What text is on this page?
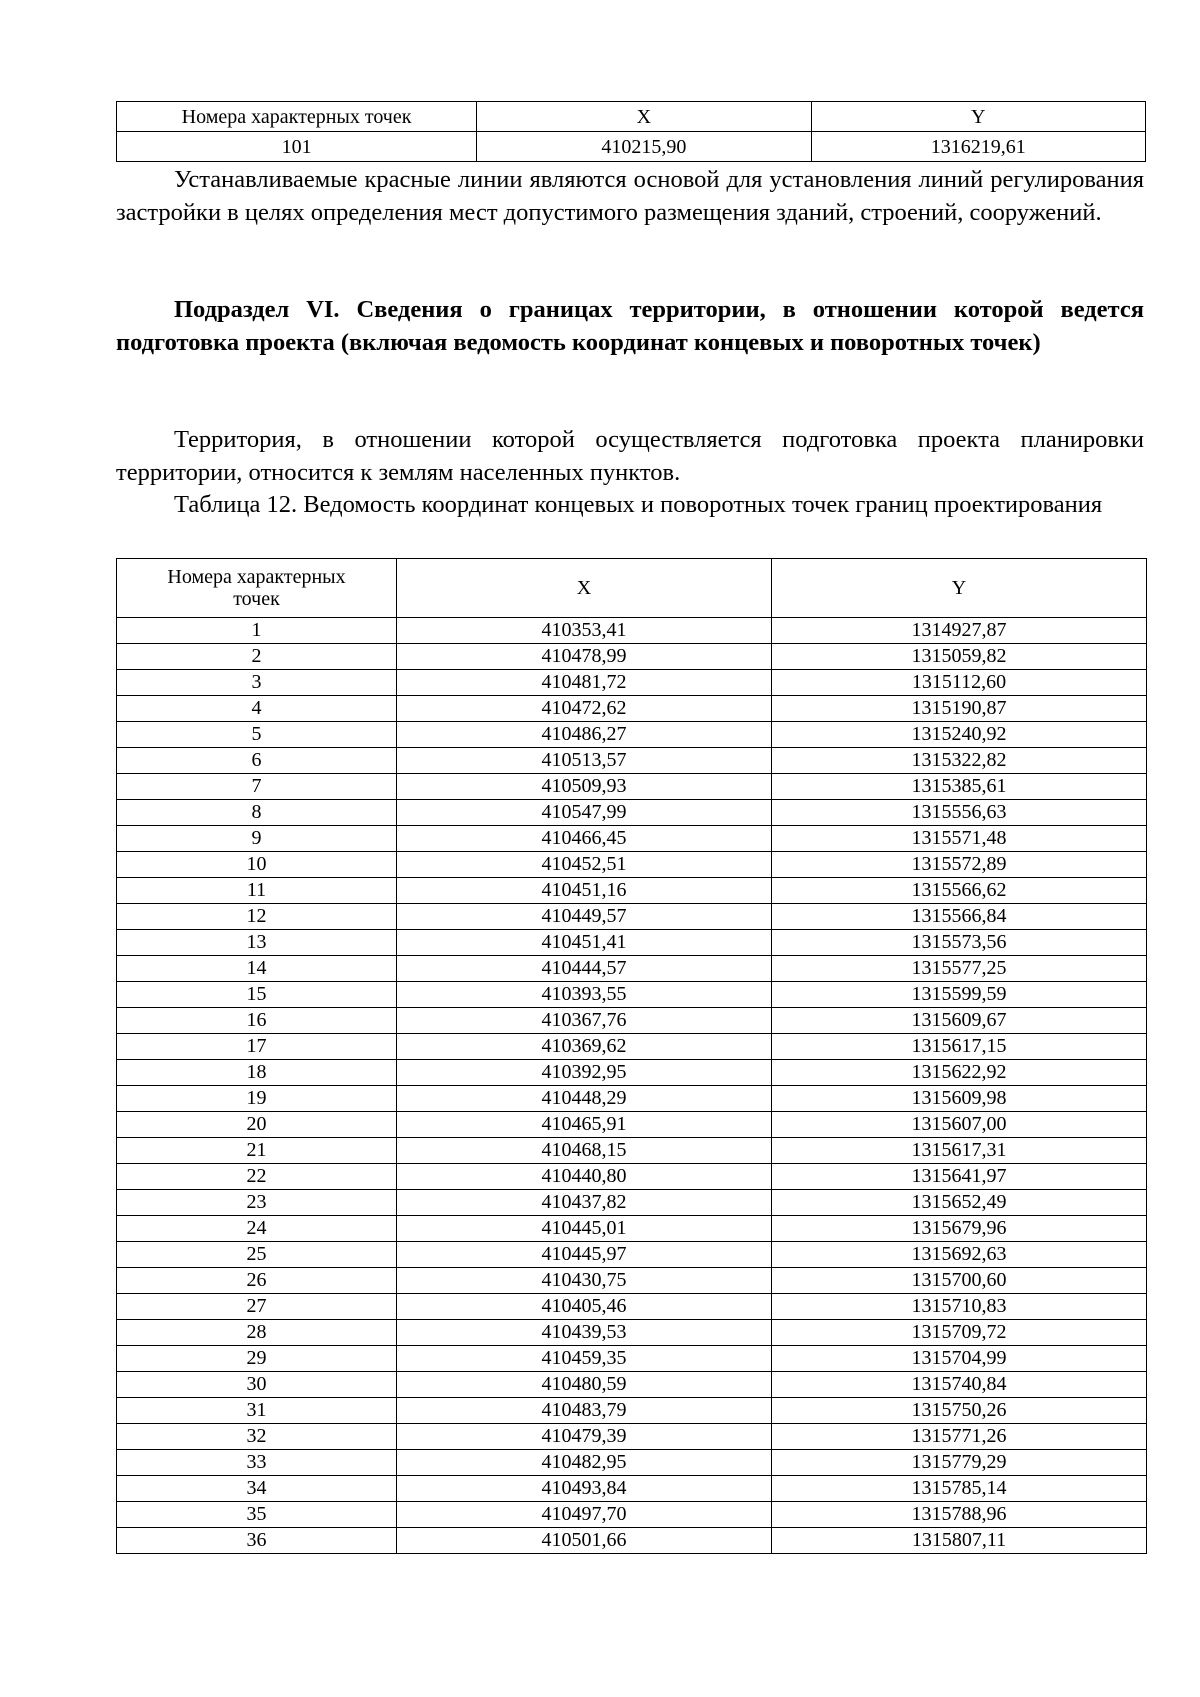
Номера характерных точек	X	Y
101	410215,90	1316219,61

Устанавливаемые красные линии являются основой для установления линий регулирования застройки в целях определения мест допустимого размещения зданий, строений, сооружений.

Подраздел VI. Сведения о границах территории, в отношении которой ведется подготовка проекта (включая ведомость координат концевых и поворотных точек)

Территория, в отношении которой осуществляется подготовка проекта планировки территории, относится к землям населенных пунктов.

Таблица 12. Ведомость координат концевых и поворотных точек границ проектирования

Номера характерных точек	X	Y
1	410353,41	1314927,87
2	410478,99	1315059,82
3	410481,72	1315112,60
4	410472,62	1315190,87
5	410486,27	1315240,92
6	410513,57	1315322,82
7	410509,93	1315385,61
8	410547,99	1315556,63
9	410466,45	1315571,48
10	410452,51	1315572,89
11	410451,16	1315566,62
12	410449,57	1315566,84
13	410451,41	1315573,56
14	410444,57	1315577,25
15	410393,55	1315599,59
16	410367,76	1315609,67
17	410369,62	1315617,15
18	410392,95	1315622,92
19	410448,29	1315609,98
20	410465,91	1315607,00
21	410468,15	1315617,31
22	410440,80	1315641,97
23	410437,82	1315652,49
24	410445,01	1315679,96
25	410445,97	1315692,63
26	410430,75	1315700,60
27	410405,46	1315710,83
28	410439,53	1315709,72
29	410459,35	1315704,99
30	410480,59	1315740,84
31	410483,79	1315750,26
32	410479,39	1315771,26
33	410482,95	1315779,29
34	410493,84	1315785,14
35	410497,70	1315788,96
36	410501,66	1315807,11
